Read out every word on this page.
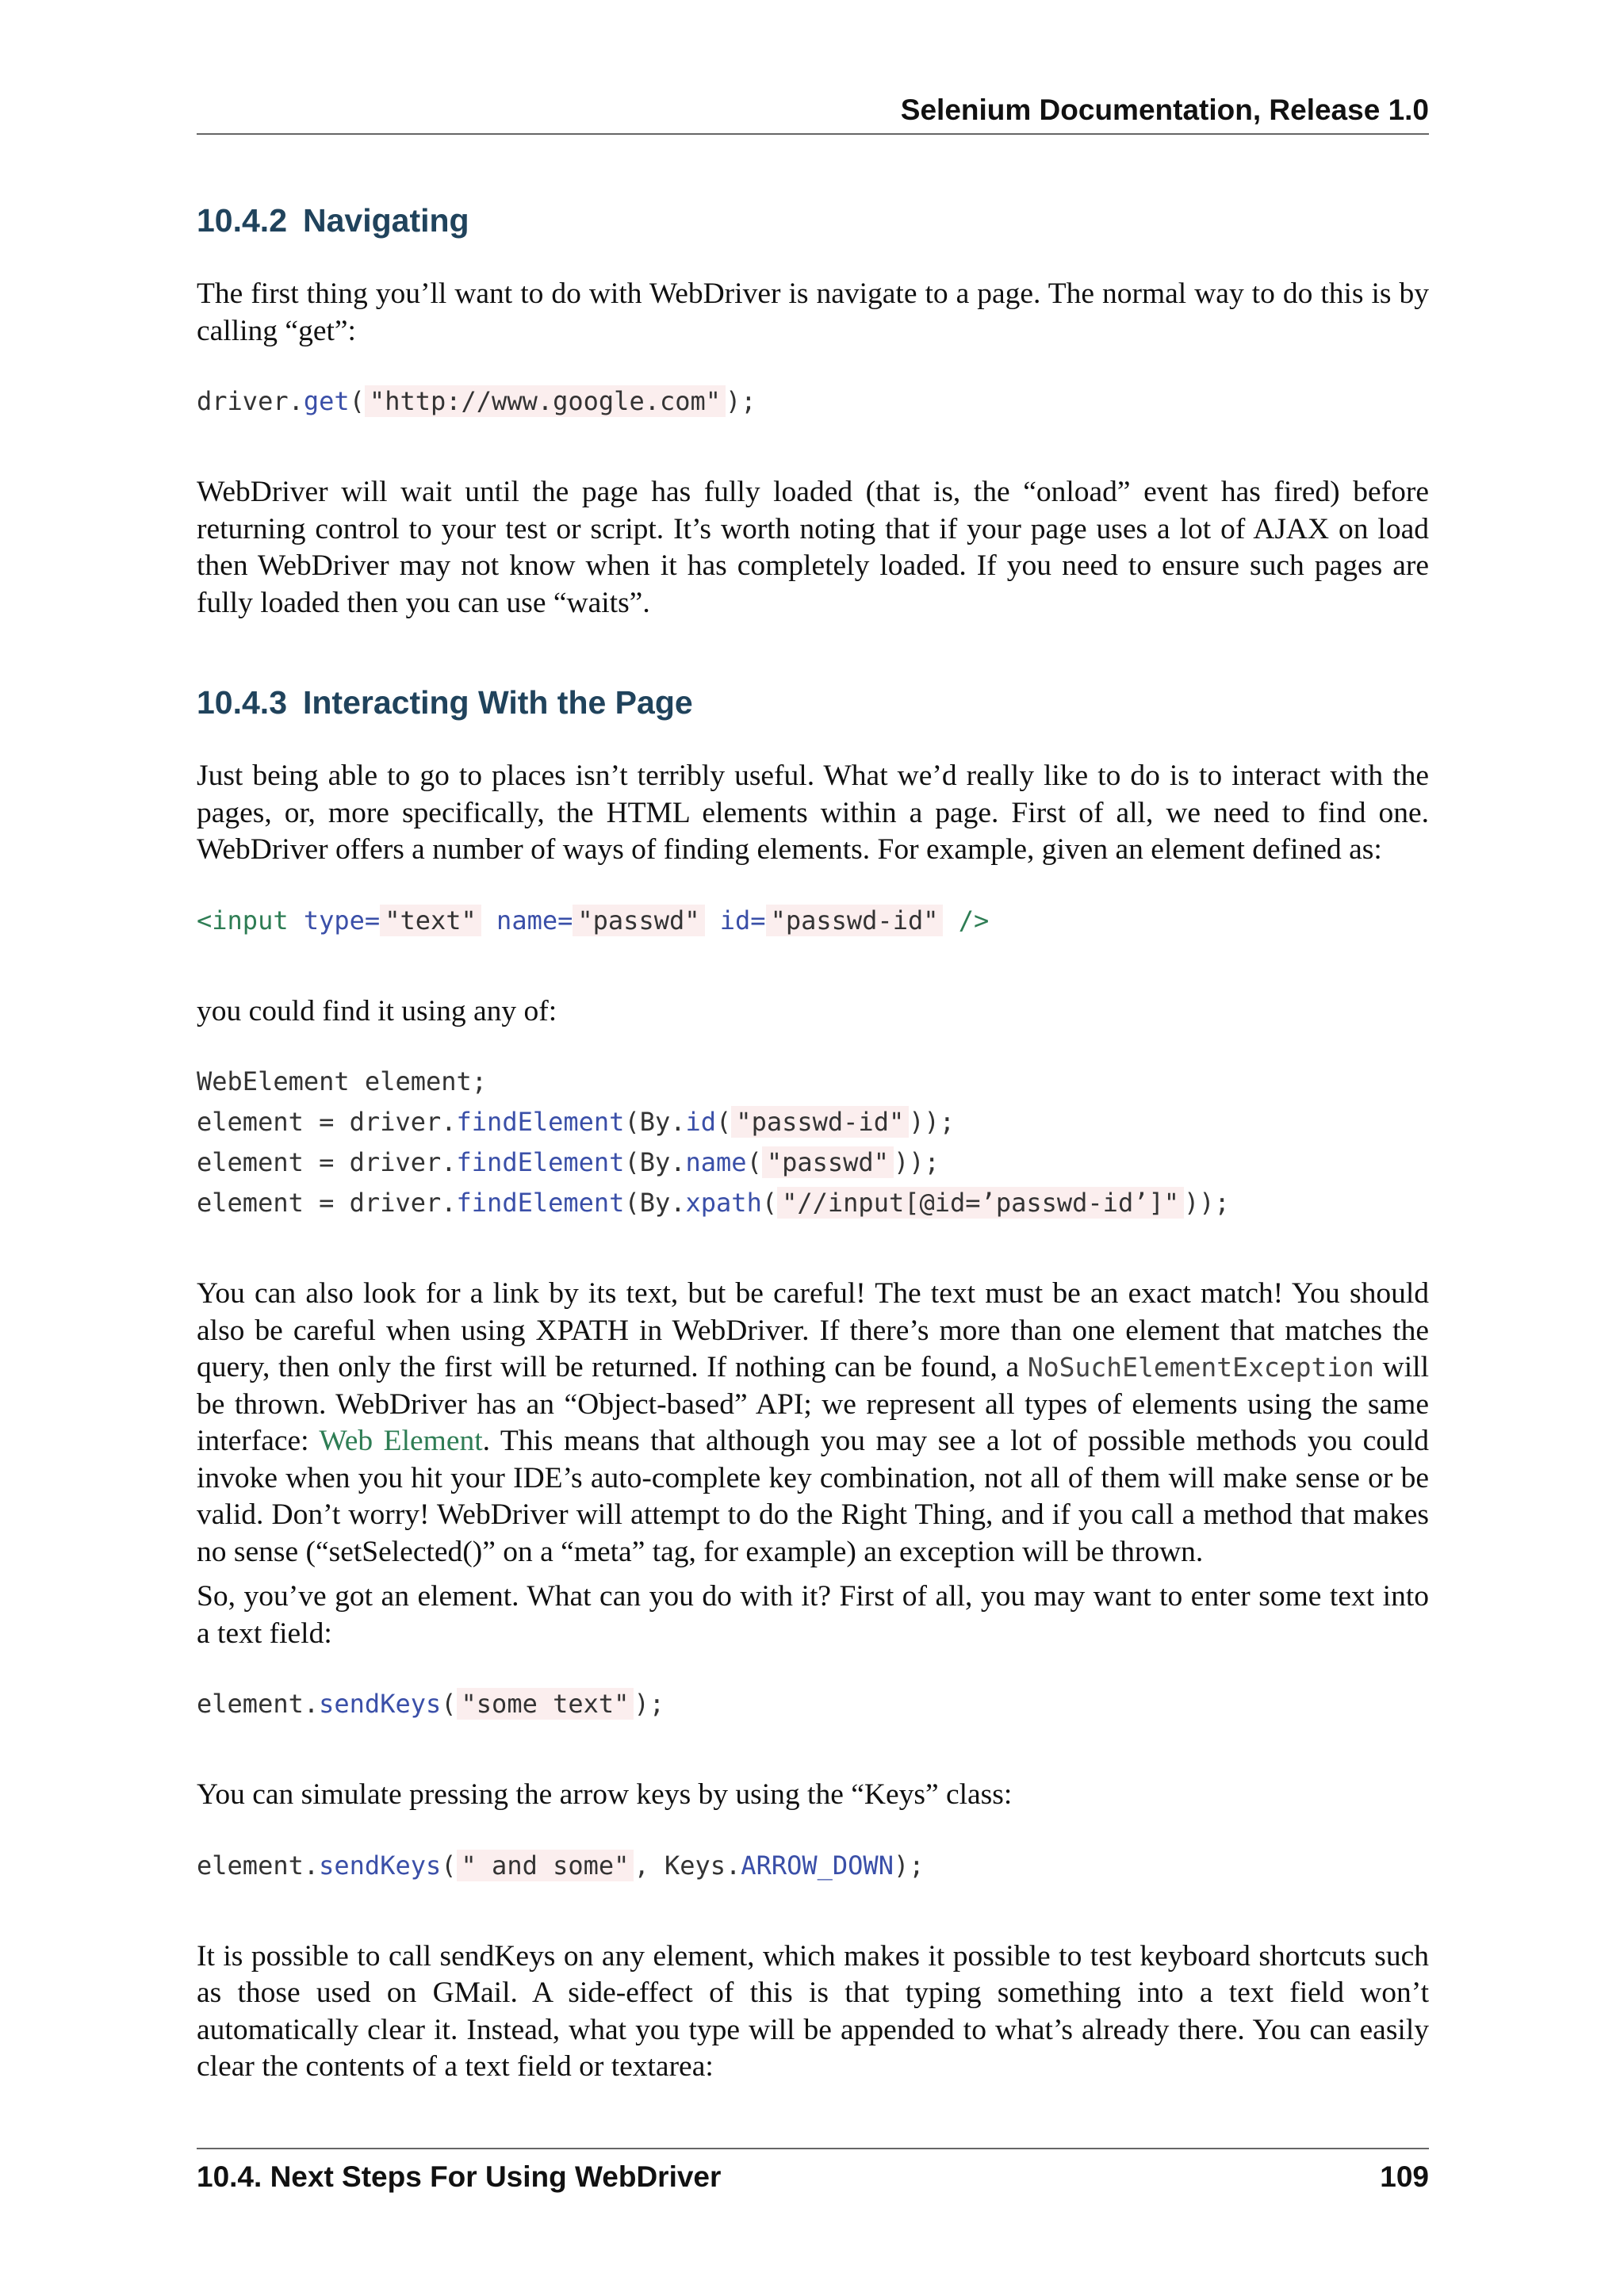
Selenium Documentation, Release 1.0
10.4.2 Navigating

The first thing you’ll want to do with WebDriver is navigate to a page. The normal way to do this is by calling “get”:

driver.get( "http://www.google.com" );

WebDriver will wait until the page has fully loaded (that is, the “onload” event has fired) before returning control to your test or script. It’s worth noting that if your page uses a lot of AJAX on load then WebDriver may not know when it has completely loaded. If you need to ensure such pages are fully loaded then you can use “waits”.

10.4.3 Interacting With the Page

Just being able to go to places isn’t terribly useful. What we’d really like to do is to interact with the pages, or, more specifically, the HTML elements within a page. First of all, we need to find one. WebDriver offers a number of ways of finding elements. For example, given an element defined as:

<input type= "text" name= "passwd" id= "passwd-id" />

you could find it using any of:

WebElement element;
element = driver.findElement(By.id( "passwd-id" ));
element = driver.findElement(By.name( "passwd" ));
element = driver.findElement(By.xpath( "//input[@id=’passwd-id’]" ));

You can also look for a link by its text, but be careful! The text must be an exact match! You should also be careful when using XPATH in WebDriver. If there’s more than one element that matches the query, then only the first will be returned. If nothing can be found, a NoSuchElementException will be thrown. WebDriver has an “Object-based” API; we represent all types of elements using the same interface: Web Element. This means that although you may see a lot of possible methods you could invoke when you hit your IDE’s auto-complete key combination, not all of them will make sense or be valid. Don’t worry! WebDriver will attempt to do the Right Thing, and if you call a method that makes no sense (“setSelected()” on a “meta” tag, for example) an exception will be thrown.

So, you’ve got an element. What can you do with it? First of all, you may want to enter some text into a text field:

element.sendKeys( "some text" );

You can simulate pressing the arrow keys by using the “Keys” class:

element.sendKeys( " and some" , Keys.ARROW_DOWN);

It is possible to call sendKeys on any element, which makes it possible to test keyboard shortcuts such as those used on GMail. A side-effect of this is that typing something into a text field won’t automatically clear it. Instead, what you type will be appended to what’s already there. You can easily clear the contents of a text field or textarea:

10.4. Next Steps For Using WebDriver	109
